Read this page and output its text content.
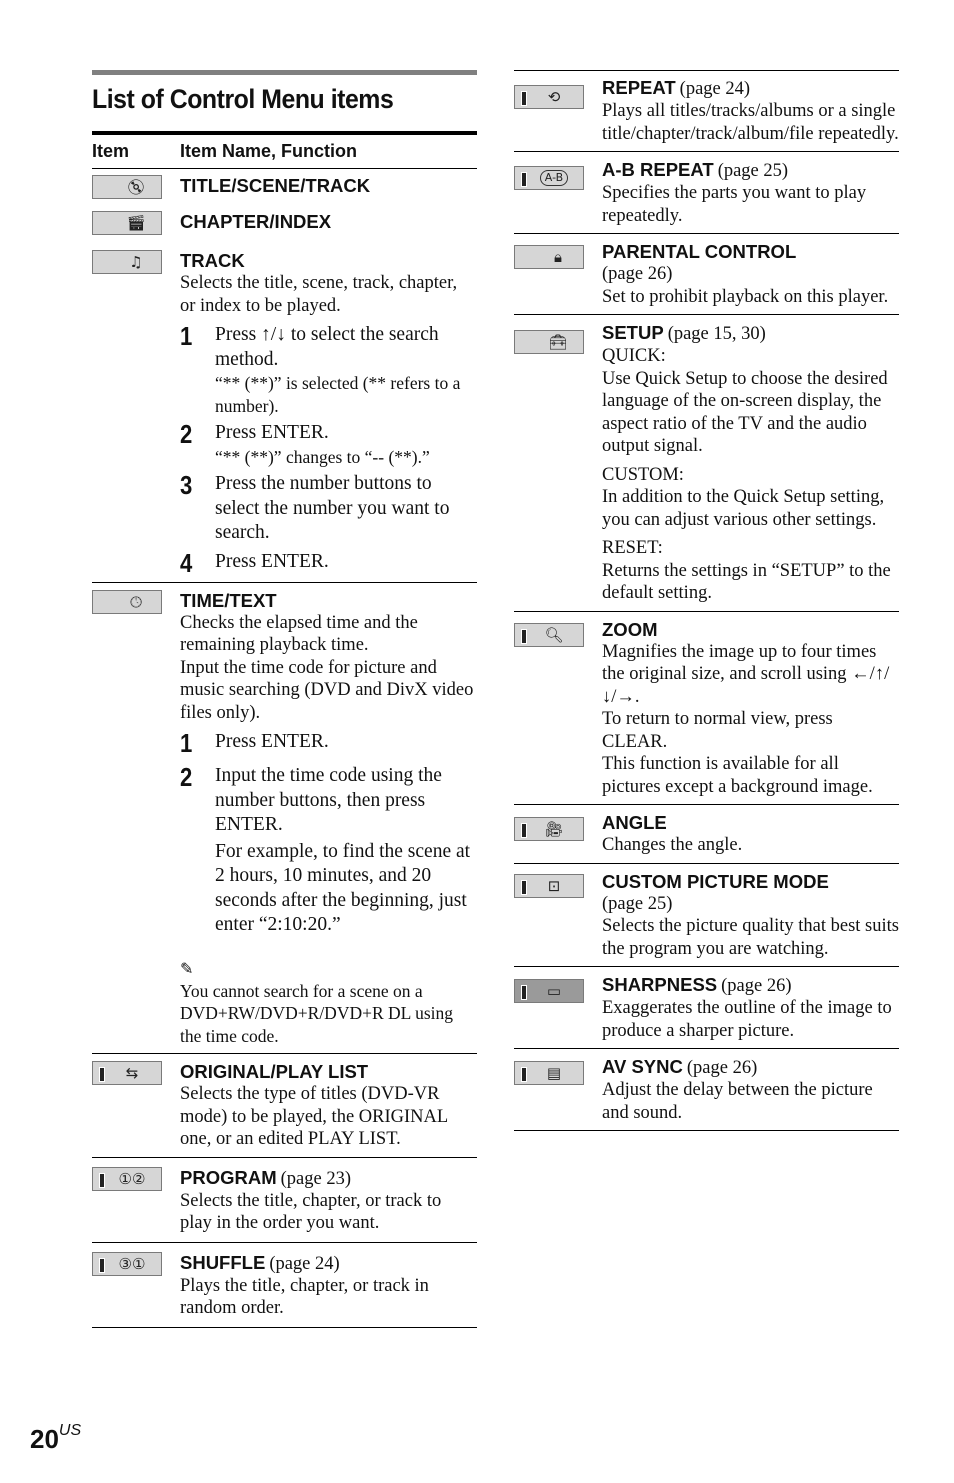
List of Control Menu items
Item	Item Name, Function
💿︎ TITLE/SCENE/TRACK
🎬︎ CHAPTER/INDEX
♫ TRACK
Selects the title, scene, track, chapter, or index to be played.
1	Press ↑/↓ to select the search method.
“** (**)” is selected (** refers to a number).
2	Press ENTER.
“** (**)” changes to “-- (**).”
3	Press the number buttons to select the number you want to search.
4	Press ENTER.
🕓︎ TIME/TEXT
Checks the elapsed time and the remaining playback time.
Input the time code for picture and music searching (DVD and DivX video files only).
1	Press ENTER.
2	Input the time code using the number buttons, then press ENTER.
For example, to find the scene at 2 hours, 10 minutes, and 20 seconds after the beginning, just enter “2:10:20.”
✎
You cannot search for a scene on a DVD+RW/DVD+R/DVD+R DL using the time code.
⇆ ORIGINAL/PLAY LIST
Selects the type of titles (DVD-VR mode) to be played, the ORIGINAL one, or an edited PLAY LIST.
①② PROGRAM (page 23)
Selects the title, chapter, or track to play in the order you want.
③① SHUFFLE (page 24)
Plays the title, chapter, or track in random order.
⟲ REPEAT (page 24)
Plays all titles/tracks/albums or a single title/chapter/track/album/file repeatedly.
A-B A-B REPEAT (page 25)
Specifies the parts you want to play repeatedly.
🔒︎ PARENTAL CONTROL
(page 26)
Set to prohibit playback on this player.
🧰︎ SETUP (page 15, 30)
QUICK:
Use Quick Setup to choose the desired language of the on-screen display, the aspect ratio of the TV and the audio output signal.
CUSTOM:
In addition to the Quick Setup setting, you can adjust various other settings.
RESET:
Returns the settings in “SETUP” to the default setting.
🔍︎ ZOOM
Magnifies the image up to four times the original size, and scroll using ←/↑/↓/→.
To return to normal view, press CLEAR.
This function is available for all pictures except a background image.
🎥︎ ANGLE
Changes the angle.
⊡ CUSTOM PICTURE MODE
(page 25)
Selects the picture quality that best suits the program you are watching.
▭ SHARPNESS (page 26)
Exaggerates the outline of the image to produce a sharper picture.
▤ AV SYNC (page 26)
Adjust the delay between the picture and sound.
$20^{US}$
